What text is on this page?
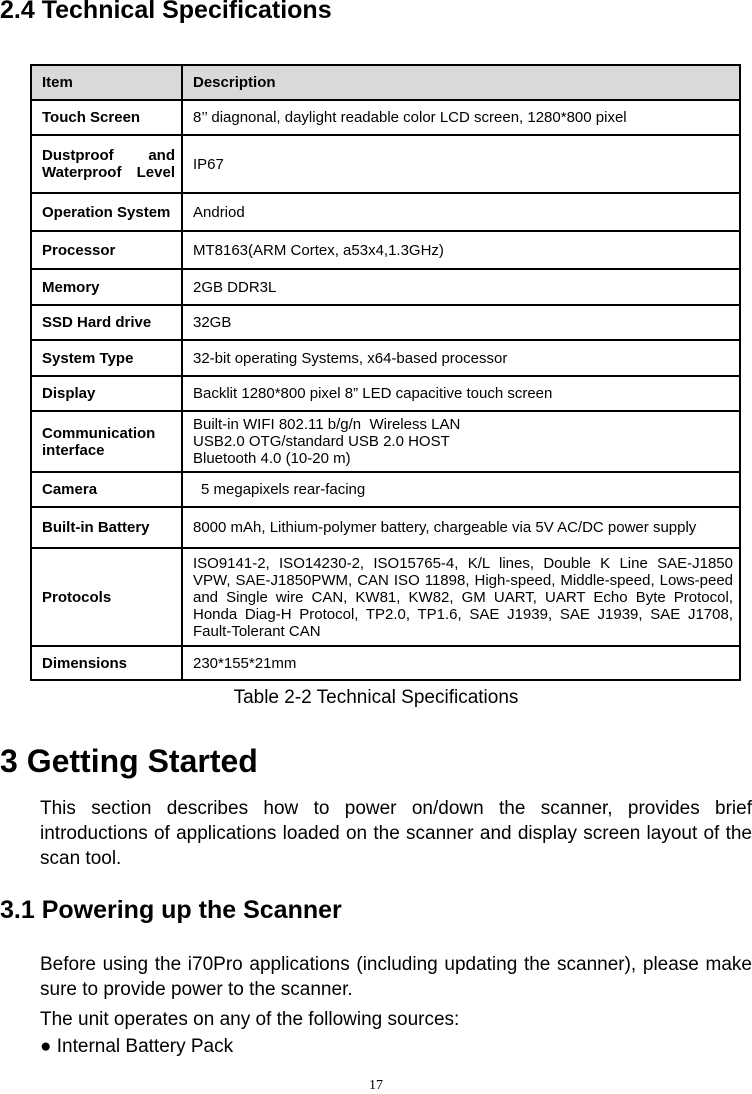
2.4 Technical Specifications
Item	Description
Touch Screen	8’’ diagnonal, daylight readable color LCD screen, 1280*800 pixel
Dustproof and Waterproof Level	IP67
Operation System	Andriod
Processor	MT8163(ARM Cortex, a53x4,1.3GHz)
Memory	2GB DDR3L
SSD Hard drive	32GB
System Type	32-bit operating Systems, x64-based processor
Display	Backlit 1280*800 pixel 8” LED capacitive touch screen
Communication interface	Built-in WIFI 802.11 b/g/n  Wireless LAN
USB2.0 OTG/standard USB 2.0 HOST
Bluetooth 4.0 (10-20 m)

Camera	5 megapixels rear-facing
Built-in Battery	8000 mAh, Lithium-polymer battery, chargeable via 5V AC/DC power supply
Protocols	ISO9141-2, ISO14230-2, ISO15765-4, K/L lines, Double K Line SAE-J1850 VPW, SAE-J1850PWM, CAN ISO 11898, High-speed, Middle-speed, Lows-peed and Single wire CAN, KW81, KW82, GM UART, UART Echo Byte Protocol, Honda Diag-H Protocol, TP2.0, TP1.6, SAE J1939, SAE J1939, SAE J1708, Fault-Tolerant CAN
Dimensions	230*155*21mm
Table 2-2 Technical Specifications
3 Getting Started
This section describes how to power on/down the scanner, provides brief introductions of applications loaded on the scanner and display screen layout of the scan tool.
3.1 Powering up the Scanner
Before using the i70Pro applications (including updating the scanner), please make sure to provide power to the scanner.
The unit operates on any of the following sources:
● Internal Battery Pack
17
